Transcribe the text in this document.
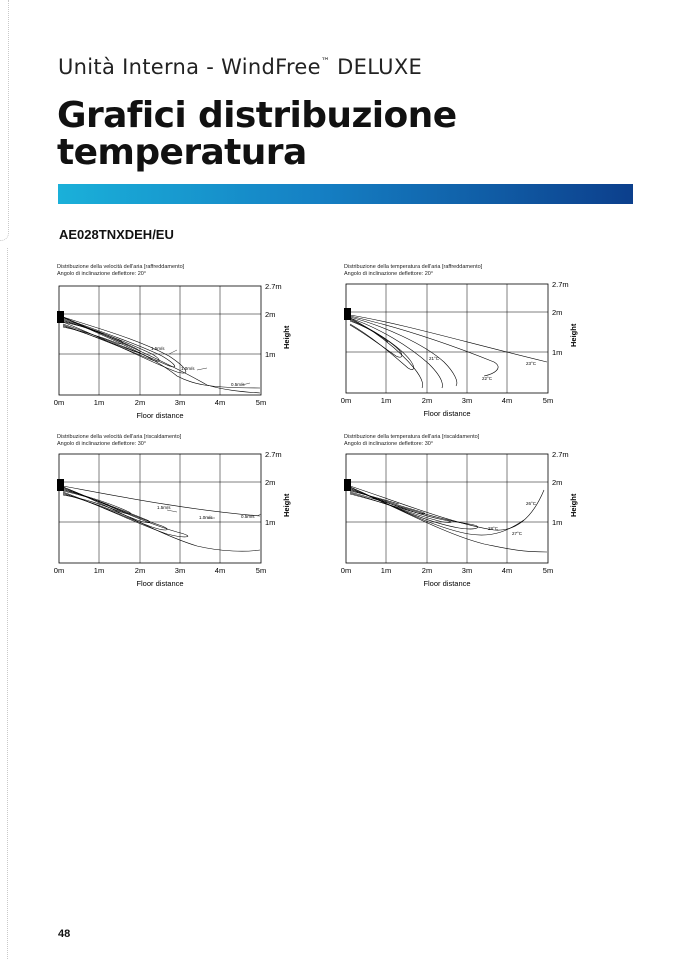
Unità Interna - WindFree™ DELUXE
Grafici distribuzione
temperatura
AE028TNXDEH/EU
Distribuzione della velocità dell'aria [raffreddamento]
Angolo di inclinazione deflettore: 20°
1.5m/s
1.0m/s
0.5m/s
2.7m
2m
1m
Height
0m	1m	2m	3m	4m	5m
Floor distance
Distribuzione della temperatura dell'aria [raffreddamento]
Angolo di inclinazione deflettore: 20°
21°C
22°C
23°C
2.7m
2m
1m
Height
0m	1m	2m	3m	4m	5m
Floor distance
Distribuzione della velocità dell'aria [riscaldamento]
Angolo di inclinazione deflettore: 30°
1.5m/s
1.0m/s	0.5m/s
2.7m
2m
1m
Height
0m	1m	2m	3m	4m	5m
Floor distance
Distribuzione della temperatura dell'aria [riscaldamento]
Angolo di inclinazione deflettore: 30°
26°C
28°C
27°C
2.7m
2m
1m
Height
0m	1m	2m	3m	4m	5m
Floor distance
48
